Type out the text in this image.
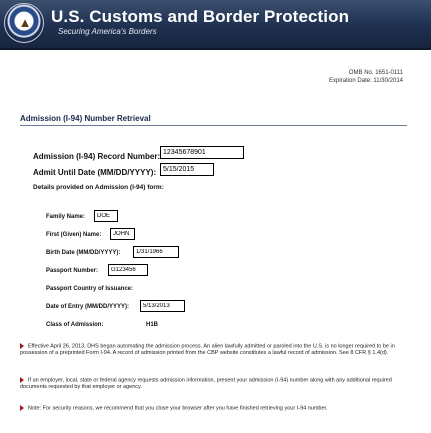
▲ U.S. Customs and Border Protection
Securing America's Borders
OMB No. 1651-0111
Expiration Date: 11/30/2014
Admission (I-94) Number Retrieval
Admission (I-94) Record Number:
12345678901
Admit Until Date (MM/DD/YYYY):
5/15/2015
Details provided on Admission (I-94) form:
Family Name:
DOE
First (Given) Name:
JOHN
Birth Date (MM/DD/YYYY):
1/31/1966
Passport Number:
G123456
Passport Country of Issuance:
Date of Entry (MM/DD/YYYY):
5/13/2013
Class of Admission:	H1B
Effective April 26, 2013, DHS began automating the admission process. An alien lawfully admitted or paroled into the U.S. is no longer required to be in possession of a preprinted Form I-94. A record of admission printed from the CBP website constitutes a lawful record of admission. See 8 CFR § 1.4(d).
If an employer, local, state or federal agency requests admission information, present your admission (I-94) number along with any additional required documents requested by that employer or agency.
Note: For security reasons, we recommend that you close your browser after you have finished retrieving your I-94 number.
